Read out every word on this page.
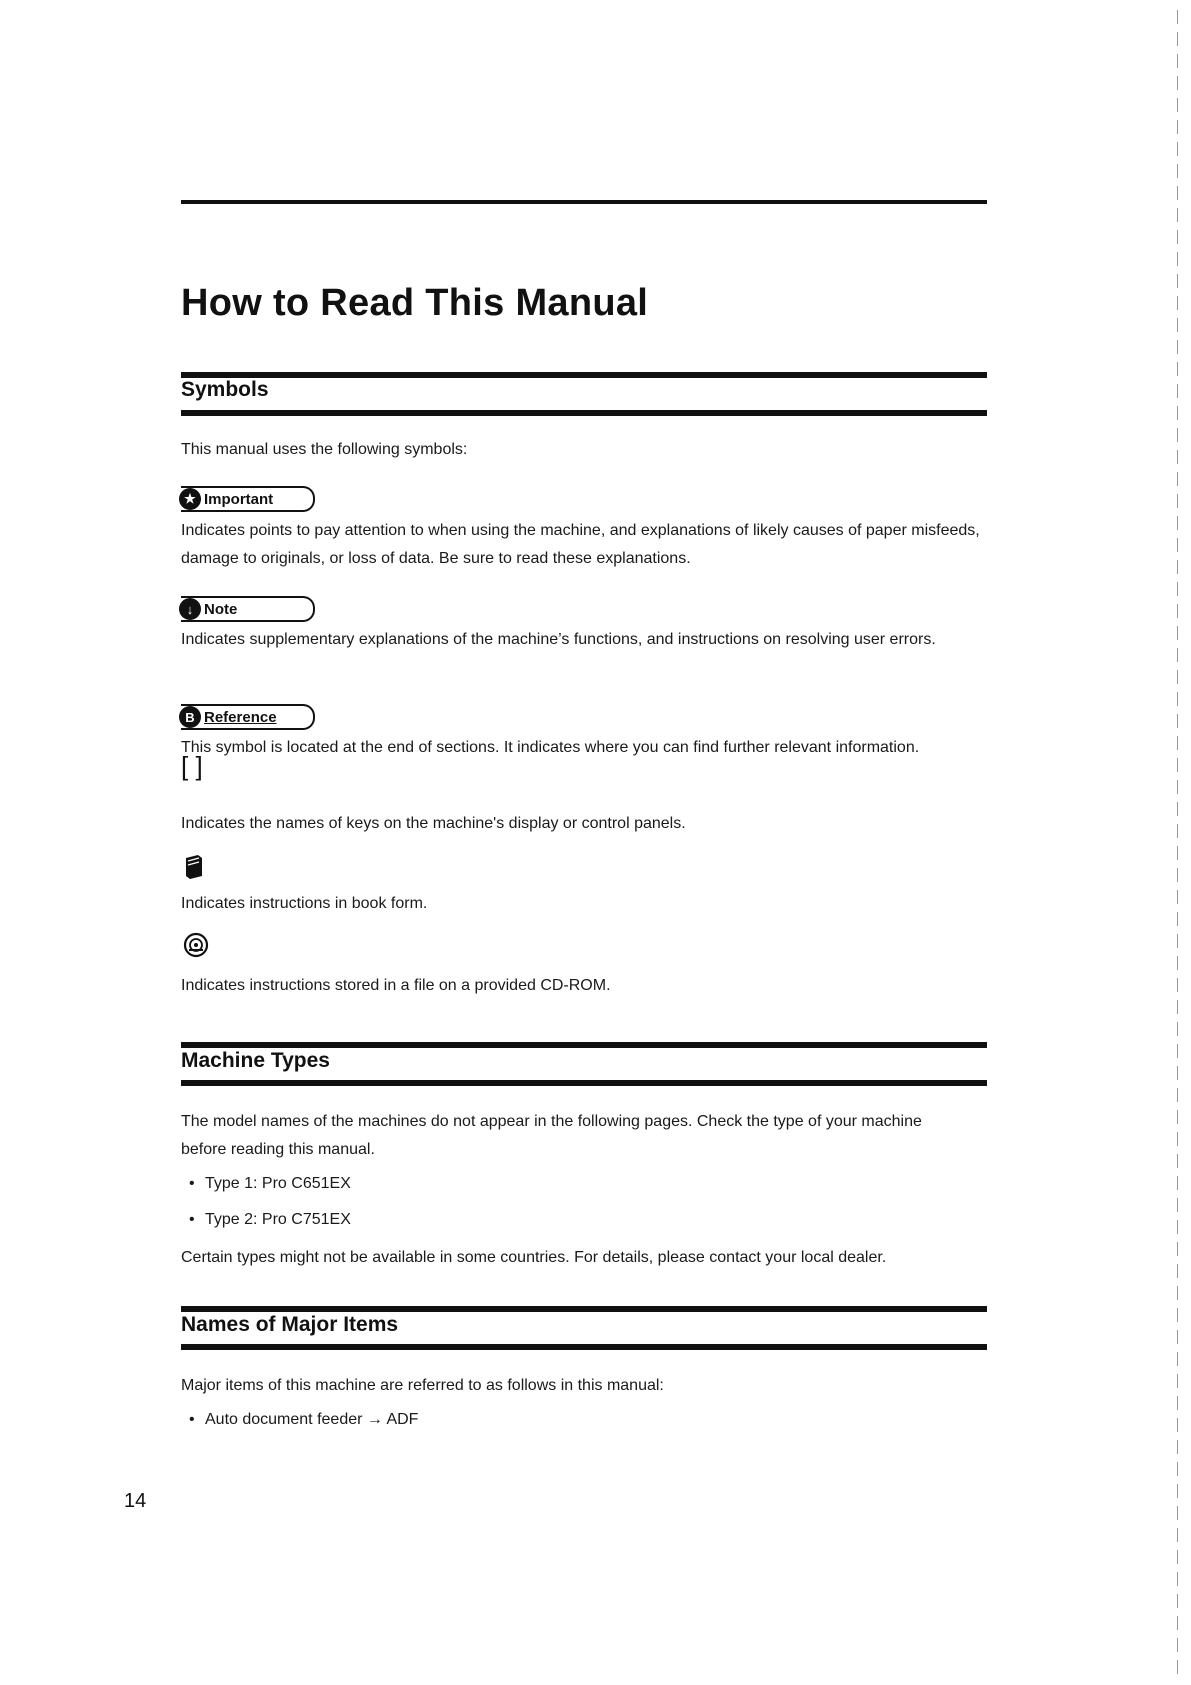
How to Read This Manual
Symbols
This manual uses the following symbols:
★ Important
Indicates points to pay attention to when using the machine, and explanations of likely causes of paper misfeeds, damage to originals, or loss of data. Be sure to read these explanations.
↓ Note
Indicates supplementary explanations of the machine’s functions, and instructions on resolving user errors.
B Reference
This symbol is located at the end of sections. It indicates where you can find further relevant information.
[ ]
Indicates the names of keys on the machine's display or control panels.
Indicates instructions in book form.
Indicates instructions stored in a file on a provided CD-ROM.
Machine Types
The model names of the machines do not appear in the following pages. Check the type of your machine before reading this manual.
• Type 1: Pro C651EX
• Type 2: Pro C751EX
Certain types might not be available in some countries. For details, please contact your local dealer.
Names of Major Items
Major items of this machine are referred to as follows in this manual:
• Auto document feeder → ADF
14
